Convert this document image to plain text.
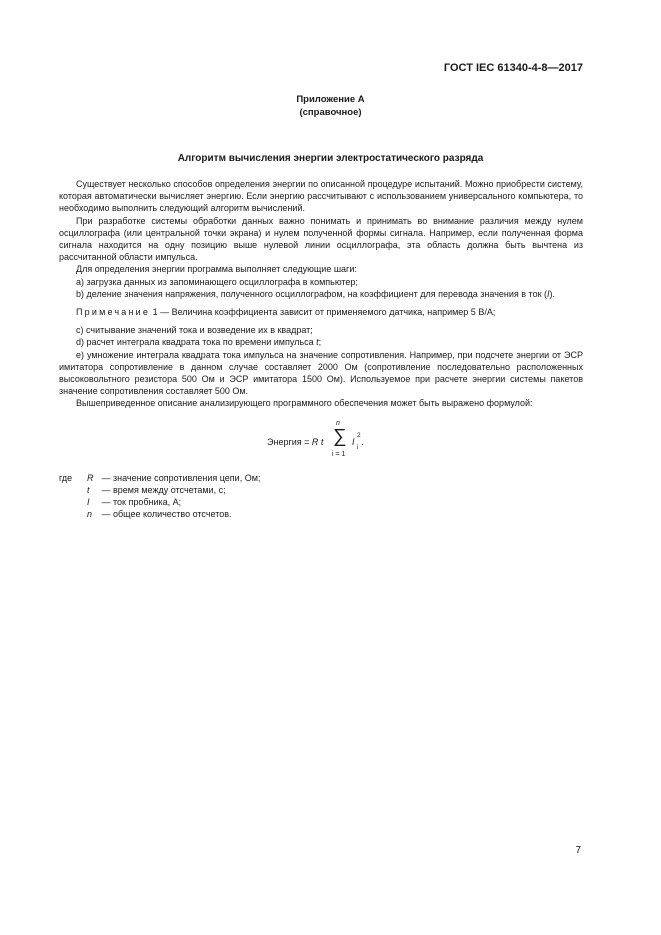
ГОСТ IEC 61340-4-8—2017
Приложение А
(справочное)
Алгоритм вычисления энергии электростатического разряда

Существует несколько способов определения энергии по описанной процедуре испытаний. Можно приобрести систему, которая автоматически вычисляет энергию. Если энергию рассчитывают с использованием универсального компьютера, то необходимо выполнить следующий алгоритм вычислений.

При разработке системы обработки данных важно понимать и принимать во внимание различия между нулем осциллографа (или центральной точки экрана) и нулем полученной формы сигнала. Например, если полученная форма сигнала находится на одну позицию выше нулевой линии осциллографа, эта область должна быть вычтена из рассчитанной области импульса.

Для определения энергии программа выполняет следующие шаги:

а) загрузка данных из запоминающего осциллографа в компьютер;

b) деление значения напряжения, полученного осциллографом, на коэффициент для перевода значения в ток (I).

Примечание 1 — Величина коэффициента зависит от применяемого датчика, например 5 В/А;

с) считывание значений тока и возведение их в квадрат;

d) расчет интеграла квадрата тока по времени импульса t;

е) умножение интеграла квадрата тока импульса на значение сопротивления. Например, при подсчете энергии от ЭСР имитатора сопротивление в данном случае составляет 2000 Ом (сопротивление последовательно расположенных высоковольтного резистора 500 Ом и ЭСР имитатора 1500 Ом). Используемое при расчете энергии системы пакетов значение сопротивления составляет 500 Ом.

Вышеприведенное описание анализирующего программного обеспечения может быть выражено формулой:

Энергия = R t
n
∑
i = 1
I
2
i
.
где R — значение сопротивления цепи, Ом;
t — время между отсчетами, с;
I — ток пробника, А;
n — общее количество отсчетов.
7
